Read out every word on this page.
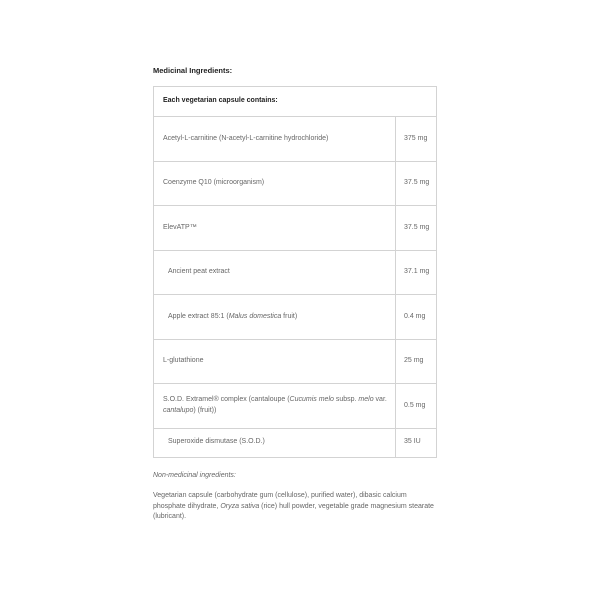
Medicinal Ingredients:
Each vegetarian capsule contains:	
Acetyl-L-carnitine (N-acetyl-L-carnitine hydrochloride)	375 mg
Coenzyme Q10 (microorganism)	37.5 mg
ElevATP™	37.5 mg
Ancient peat extract	37.1 mg
Apple extract 85:1 (Malus domestica fruit)	0.4 mg
L-glutathione	25 mg
S.O.D. Extramel® complex (cantaloupe (Cucumis melo subsp. melo var. cantalupo) (fruit))	0.5 mg
Superoxide dismutase (S.O.D.)	35 IU
Non-medicinal ingredients:
Vegetarian capsule (carbohydrate gum (cellulose), purified water), dibasic calcium phosphate dihydrate, Oryza sativa (rice) hull powder, vegetable grade magnesium stearate (lubricant).
